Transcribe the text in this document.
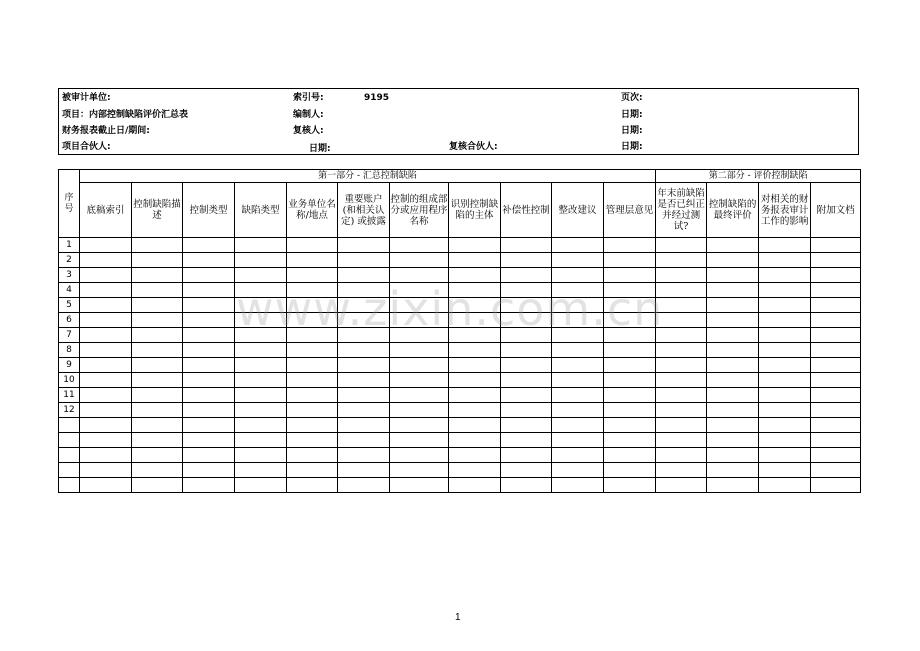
被审计单位:	索引号:	9195	页次:
项目：内部控制缺陷评价汇总表	编制人:	日期:
财务报表截止日/期间:	复核人:	日期:
项目合伙人:	日期:	复核合伙人:	日期:
序号	第一部分 - 汇总控制缺陷											第二部分 - 评价控制缺陷			
	底稿索引	控制缺陷描述	控制类型	缺陷类型	业务单位名称/地点	重要账户(和相关认定) 或披露	控制的组成部分或应用程序名称	识别控制缺陷的主体	补偿性控制	整改建议	管理层意见	年末前缺陷是否已纠正并经过测试?	控制缺陷的最终评价	对相关的财务报表审计工作的影响	附加文档
1															
2															
3															
4															
5															
6															
7															
8															
9															
10															
11															
12															

www.zixin.com.cn
1
